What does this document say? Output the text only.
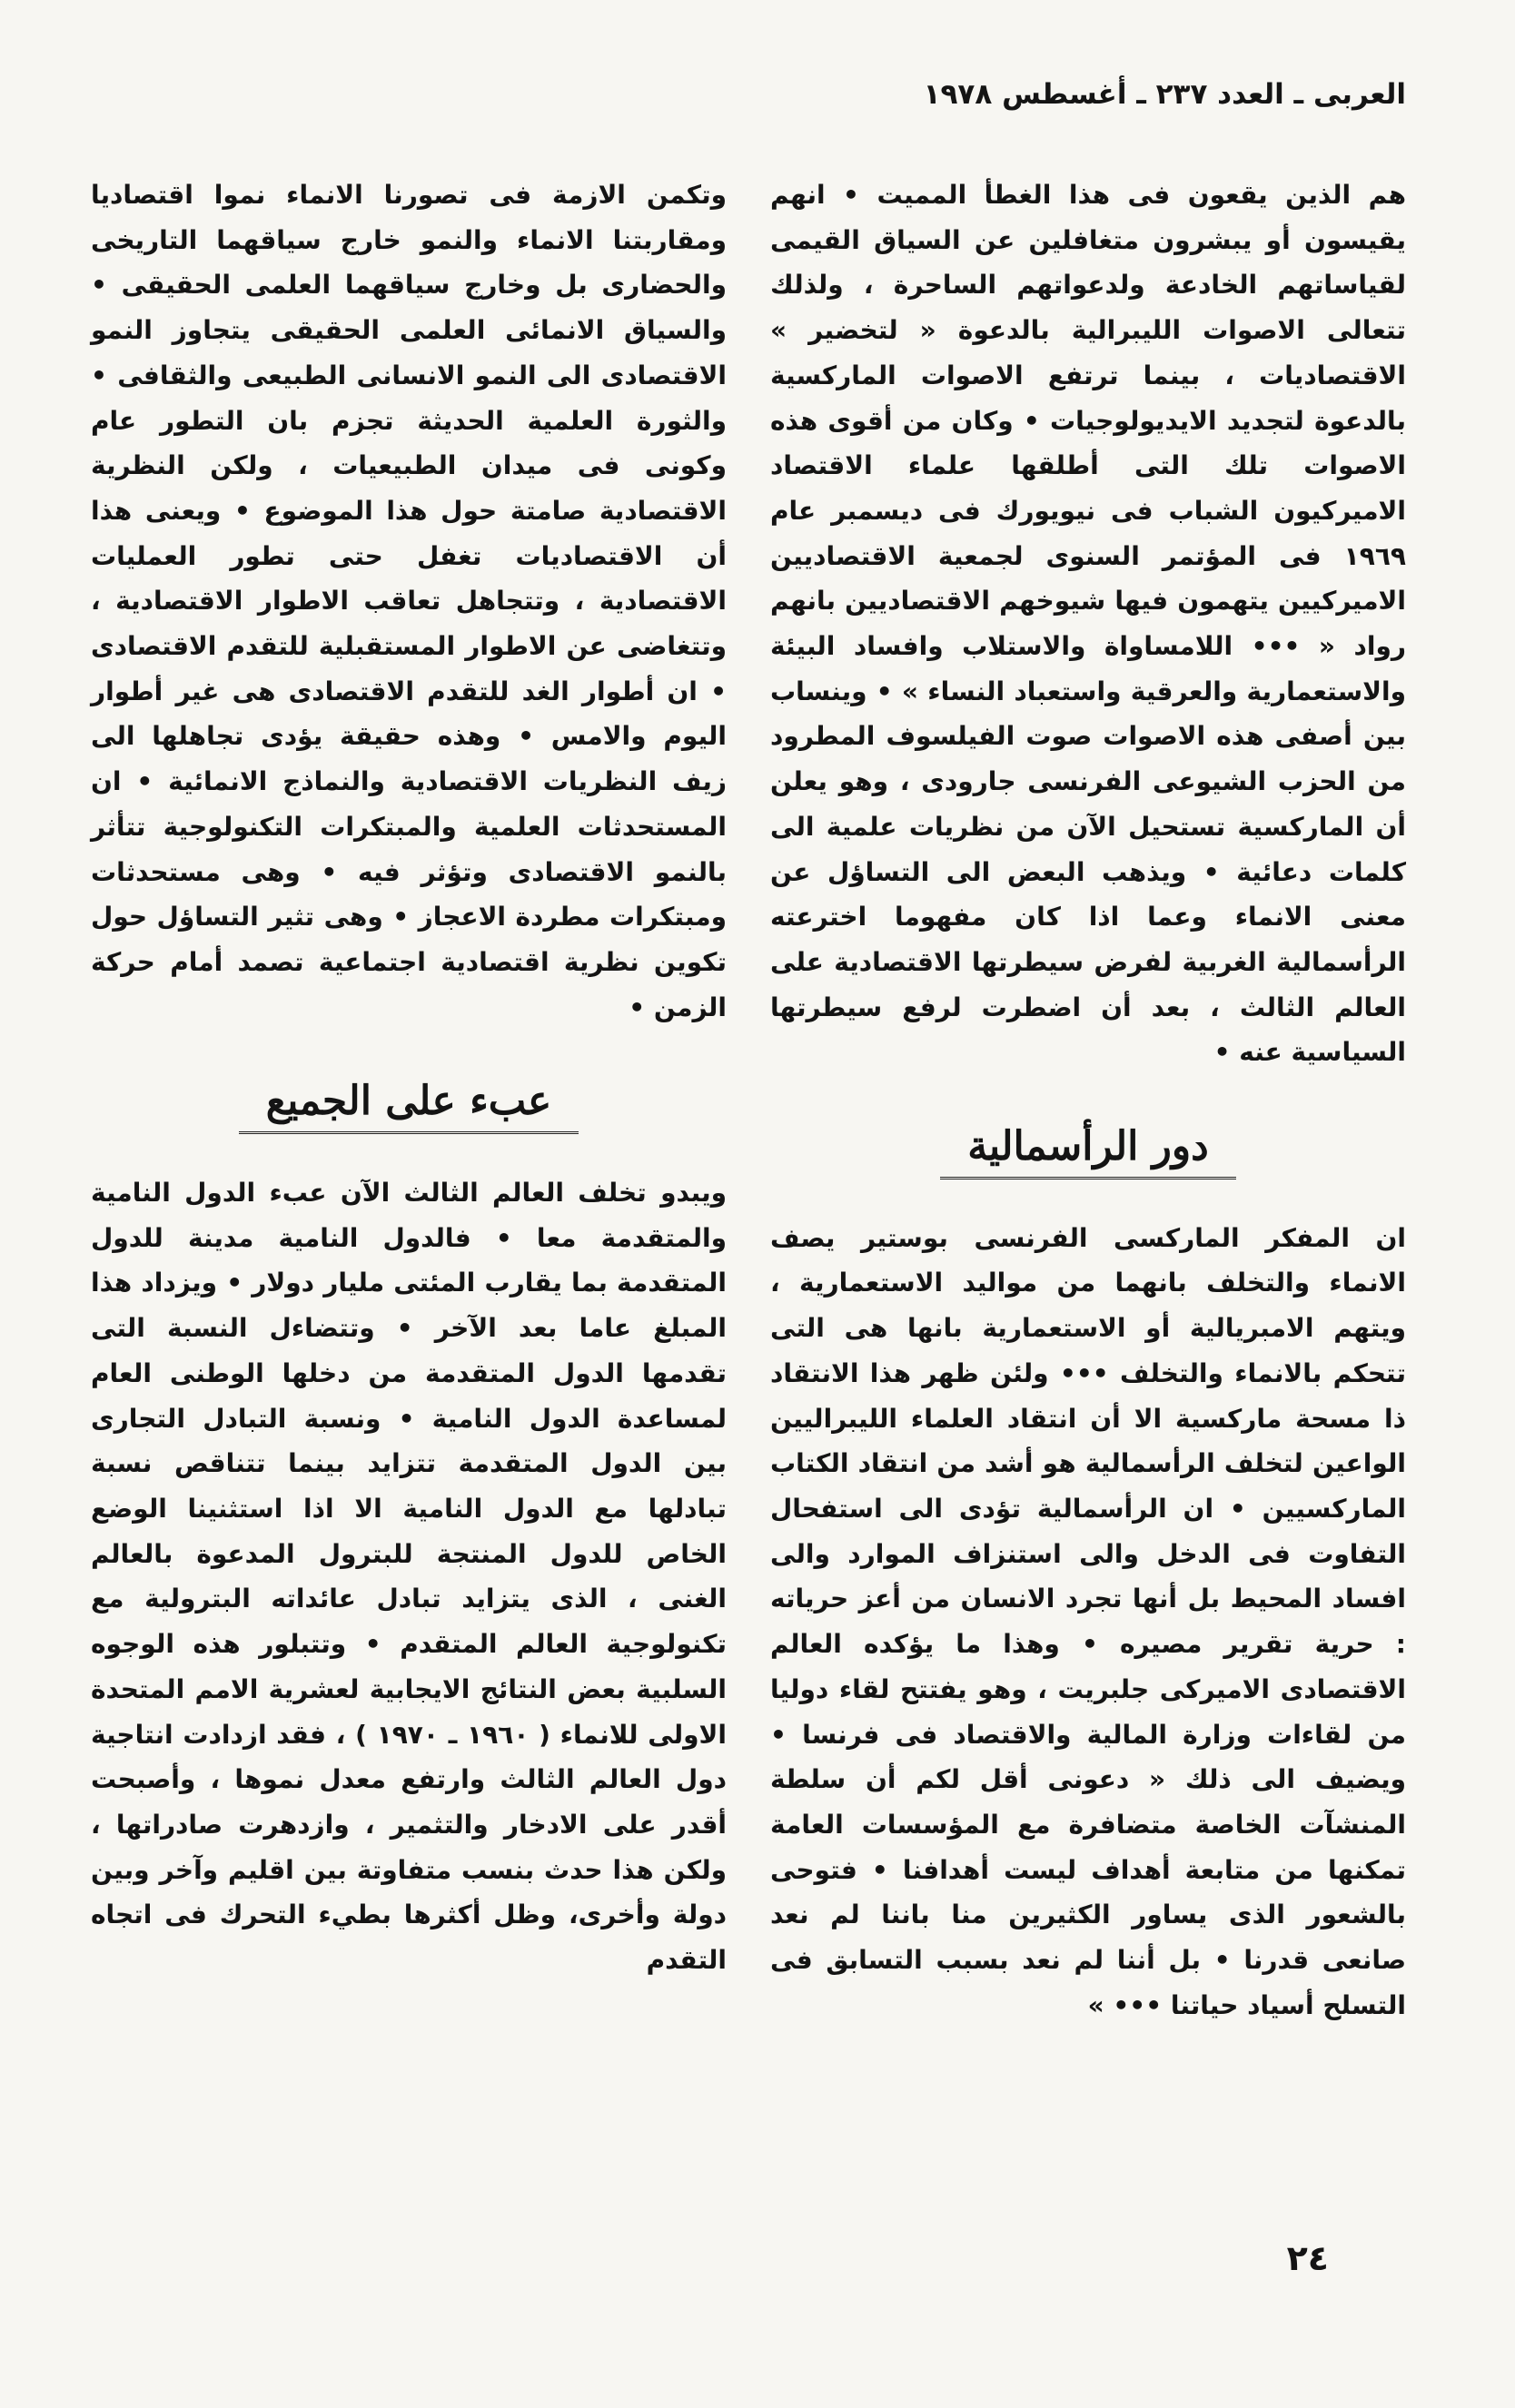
العربى ـ العدد ٢٣٧ ـ أغسطس ١٩٧٨

هم الذين يقعون فى هذا الغطأ المميت • انهم يقيسون أو يبشرون متغافلين عن السياق القيمى لقياساتهم الخادعة ولدعواتهم الساحرة ، ولذلك تتعالى الاصوات الليبرالية بالدعوة « لتخضير » الاقتصاديات ، بينما ترتفع الاصوات الماركسية بالدعوة لتجديد الايديولوجيات • وكان من أقوى هذه الاصوات تلك التى أطلقها علماء الاقتصاد الاميركيون الشباب فى نيويورك فى ديسمبر عام ١٩٦٩ فى المؤتمر السنوى لجمعية الاقتصاديين الاميركيين يتهمون فيها شيوخهم الاقتصاديين بانهم رواد « ••• اللامساواة والاستلاب وافساد البيئة والاستعمارية والعرقية واستعباد النساء » • وينساب بين أصفى هذه الاصوات صوت الفيلسوف المطرود من الحزب الشيوعى الفرنسى جارودى ، وهو يعلن أن الماركسية تستحيل الآن من نظريات علمية الى كلمات دعائية • ويذهب البعض الى التساؤل عن معنى الانماء وعما اذا كان مفهوما اخترعته الرأسمالية الغربية لفرض سيطرتها الاقتصادية على العالم الثالث ، بعد أن اضطرت لرفع سيطرتها السياسية عنه •

دور الرأسمالية

ان المفكر الماركسى الفرنسى بوستير يصف الانماء والتخلف بانهما من مواليد الاستعمارية ، ويتهم الامبريالية أو الاستعمارية بانها هى التى تتحكم بالانماء والتخلف ••• ولئن ظهر هذا الانتقاد ذا مسحة ماركسية الا أن انتقاد العلماء الليبراليين الواعين لتخلف الرأسمالية هو أشد من انتقاد الكتاب الماركسيين • ان الرأسمالية تؤدى الى استفحال التفاوت فى الدخل والى استنزاف الموارد والى افساد المحيط بل أنها تجرد الانسان من أعز حرياته : حرية تقرير مصيره • وهذا ما يؤكده العالم الاقتصادى الاميركى جلبريت ، وهو يفتتح لقاء دوليا من لقاءات وزارة المالية والاقتصاد فى فرنسا • ويضيف الى ذلك « دعونى أقل لكم أن سلطة المنشآت الخاصة متضافرة مع المؤسسات العامة تمكنها من متابعة أهداف ليست أهدافنا • فتوحى بالشعور الذى يساور الكثيرين منا باننا لم نعد صانعى قدرنا • بل أننا لم نعد بسبب التسابق فى التسلح أسياد حياتنا ••• »

وتكمن الازمة فى تصورنا الانماء نموا اقتصاديا ومقاربتنا الانماء والنمو خارج سياقهما التاريخى والحضارى بل وخارج سياقهما العلمى الحقيقى • والسياق الانمائى العلمى الحقيقى يتجاوز النمو الاقتصادى الى النمو الانسانى الطبيعى والثقافى • والثورة العلمية الحديثة تجزم بان التطور عام وكونى فى ميدان الطبيعيات ، ولكن النظرية الاقتصادية صامتة حول هذا الموضوع • ويعنى هذا أن الاقتصاديات تغفل حتى تطور العمليات الاقتصادية ، وتتجاهل تعاقب الاطوار الاقتصادية ، وتتغاضى عن الاطوار المستقبلية للتقدم الاقتصادى • ان أطوار الغد للتقدم الاقتصادى هى غير أطوار اليوم والامس • وهذه حقيقة يؤدى تجاهلها الى زيف النظريات الاقتصادية والنماذج الانمائية • ان المستحدثات العلمية والمبتكرات التكنولوجية تتأثر بالنمو الاقتصادى وتؤثر فيه • وهى مستحدثات ومبتكرات مطردة الاعجاز • وهى تثير التساؤل حول تكوين نظرية اقتصادية اجتماعية تصمد أمام حركة الزمن •

عبء على الجميع

ويبدو تخلف العالم الثالث الآن عبء الدول النامية والمتقدمة معا • فالدول النامية مدينة للدول المتقدمة بما يقارب المئتى مليار دولار • ويزداد هذا المبلغ عاما بعد الآخر • وتتضاءل النسبة التى تقدمها الدول المتقدمة من دخلها الوطنى العام لمساعدة الدول النامية • ونسبة التبادل التجارى بين الدول المتقدمة تتزايد بينما تتناقص نسبة تبادلها مع الدول النامية الا اذا استثنينا الوضع الخاص للدول المنتجة للبترول المدعوة بالعالم الغنى ، الذى يتزايد تبادل عائداته البترولية مع تكنولوجية العالم المتقدم • وتتبلور هذه الوجوه السلبية بعض النتائج الايجابية لعشرية الامم المتحدة الاولى للانماء ( ١٩٦٠ ـ ١٩٧٠ ) ، فقد ازدادت انتاجية دول العالم الثالث وارتفع معدل نموها ، وأصبحت أقدر على الادخار والتثمير ، وازدهرت صادراتها ، ولكن هذا حدث بنسب متفاوتة بين اقليم وآخر وبين دولة وأخرى، وظل أكثرها بطيء التحرك فى اتجاه التقدم

٢٤
